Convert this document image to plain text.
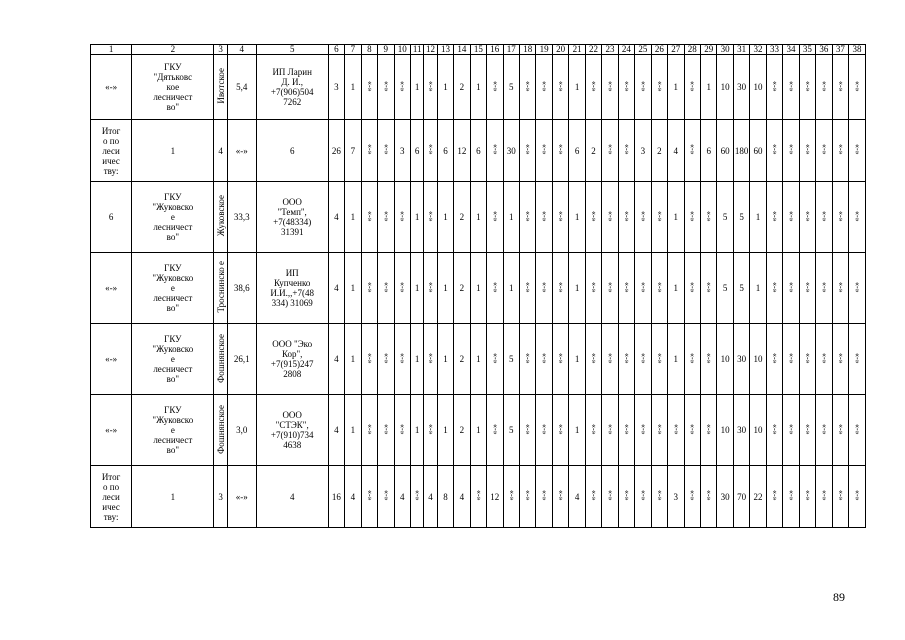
1	2	3	4	5	6	7	8	9	10	11	12	13	14	15	16	17	18	19	20	21	22	23	24	25	26	27	28	29	30	31	32	33	34	35	36	37	38

«-»	ГКУ
"Дятьковс
кое
лесничест
во"	Ивотское	5,4	ИП Ларин
Д. И.,
+7(906)504
7262	3	1	«-»	«-»	«-»	1	«-»	1	2	1	«-»	5	«-»	«-»	«-»	1	«-»	«-»	«-»	«-»	«-»	1	«-»	1	10	30	10	«-»	«-»	«-»	«-»	«-»	«-»

Итог
о по
леси
ичес
тву:	1	4	«-»	6	26	7	«-»	«-»	3	6	«-»	6	12	6	«-»	30	«-»	«-»	«-»	6	2	«-»	«-»	3	2	4	«-»	6	60	180	60	«-»	«-»	«-»	«-»	«-»	«-»

6	ГКУ
"Жуковско
е
лесничест
во"	Жуковское	33,3	ООО
"Темп",
+7(48334)
31391	4	1	«-»	«-»	«-»	1	«-»	1	2	1	«-»	1	«-»	«-»	«-»	1	«-»	«-»	«-»	«-»	«-»	1	«-»	«-»	5	5	1	«-»	«-»	«-»	«-»	«-»	«-»

«-»	ГКУ
"Жуковско
е
лесничест
во"	Троснинско е	38,6	ИП
Купченко
И.И.,,+7(48
334) 31069	4	1	«-»	«-»	«-»	1	«-»	1	2	1	«-»	1	«-»	«-»	«-»	1	«-»	«-»	«-»	«-»	«-»	1	«-»	«-»	5	5	1	«-»	«-»	«-»	«-»	«-»	«-»

«-»	ГКУ
"Жуковско
е
лесничест
во"	Фошнянское	26,1	ООО "Эко
Кор",
+7(915)247
2808	4	1	«-»	«-»	«-»	1	«-»	1	2	1	«-»	5	«-»	«-»	«-»	1	«-»	«-»	«-»	«-»	«-»	1	«-»	«-»	10	30	10	«-»	«-»	«-»	«-»	«-»	«-»

«-»	ГКУ
"Жуковско
е
лесничест
во"	Фошнянское	3,0	ООО
"СТЭК",
+7(910)734
4638	4	1	«-»	«-»	«-»	1	«-»	1	2	1	«-»	5	«-»	«-»	«-»	1	«-»	«-»	«-»	«-»	«-»	«-»	«-»	«-»	10	30	10	«-»	«-»	«-»	«-»	«-»	«-»

Итог
о по
леси
ичес
тву:	1	3	«-»	4	16	4	«-»	«-»	4	«-»	4	8	4	«-»	12	«-»	«-»	«-»	«-»	4	«-»	«-»	«-»	«-»	«-»	3	«-»	«-»	30	70	22	«-»	«-»	«-»	«-»	«-»	«-»
89
